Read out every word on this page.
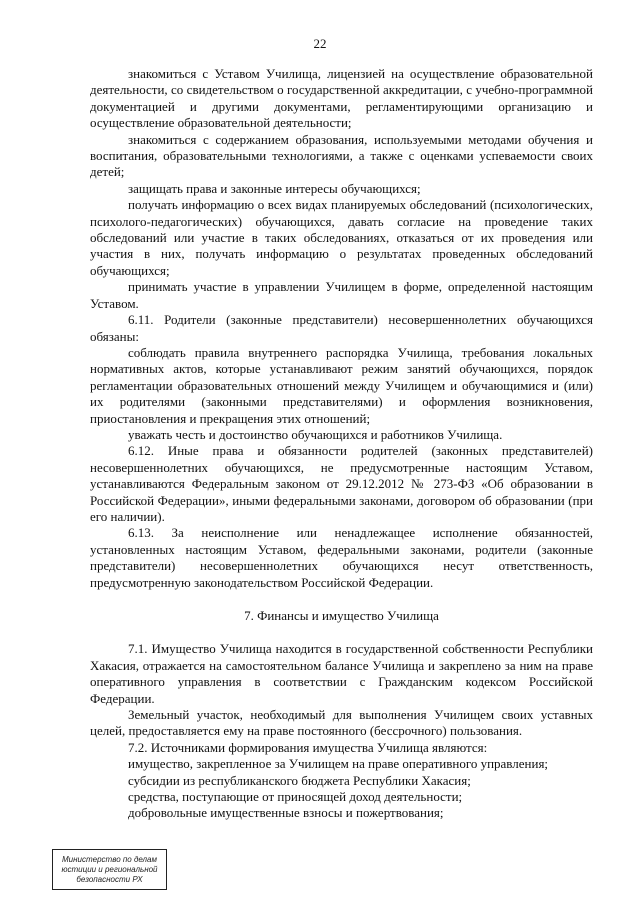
22

знакомиться с Уставом Училища, лицензией на осуществление образовательной деятельности, со свидетельством о государственной аккредитации, с учебно-программной документацией и другими документами, регламентирующими организацию и осуществление образовательной деятельности;

знакомиться с содержанием образования, используемыми методами обучения и воспитания, образовательными технологиями, а также с оценками успеваемости своих детей;

защищать права и законные интересы обучающихся;

получать информацию о всех видах планируемых обследований (психологических, психолого-педагогических) обучающихся, давать согласие на проведение таких обследований или участие в таких обследованиях, отказаться от их проведения или участия в них, получать информацию о результатах проведенных обследований обучающихся;

принимать участие в управлении Училищем в форме, определенной настоящим Уставом.

6.11. Родители (законные представители) несовершеннолетних обучающихся обязаны:

соблюдать правила внутреннего распорядка Училища, требования локальных нормативных актов, которые устанавливают режим занятий обучающихся, порядок регламентации образовательных отношений между Училищем и обучающимися и (или) их родителями (законными представителями) и оформления возникновения, приостановления и прекращения этих отношений;

уважать честь и достоинство обучающихся и работников Училища.

6.12. Иные права и обязанности родителей (законных представителей) несовершеннолетних обучающихся, не предусмотренные настоящим Уставом, устанавливаются Федеральным законом от 29.12.2012 № 273-ФЗ «Об образовании в Российской Федерации», иными федеральными законами, договором об образовании (при его наличии).

6.13. За неисполнение или ненадлежащее исполнение обязанностей, установленных настоящим Уставом, федеральными законами, родители (законные представители) несовершеннолетних обучающихся несут ответственность, предусмотренную законодательством Российской Федерации.

7. Финансы и имущество Училища

7.1. Имущество Училища находится в государственной собственности Республики Хакасия, отражается на самостоятельном балансе Училища и закреплено за ним на праве оперативного управления в соответствии с Гражданским кодексом Российской Федерации.

Земельный участок, необходимый для выполнения Училищем своих уставных целей, предоставляется ему на праве постоянного (бессрочного) пользования.

7.2. Источниками формирования имущества Училища являются:

имущество, закрепленное за Училищем на праве оперативного управления;

субсидии из республиканского бюджета Республики Хакасия;

средства, поступающие от приносящей доход деятельности;

добровольные имущественные взносы и пожертвования;

Министерство по делам
юстиции и региональной
безопасности РХ
